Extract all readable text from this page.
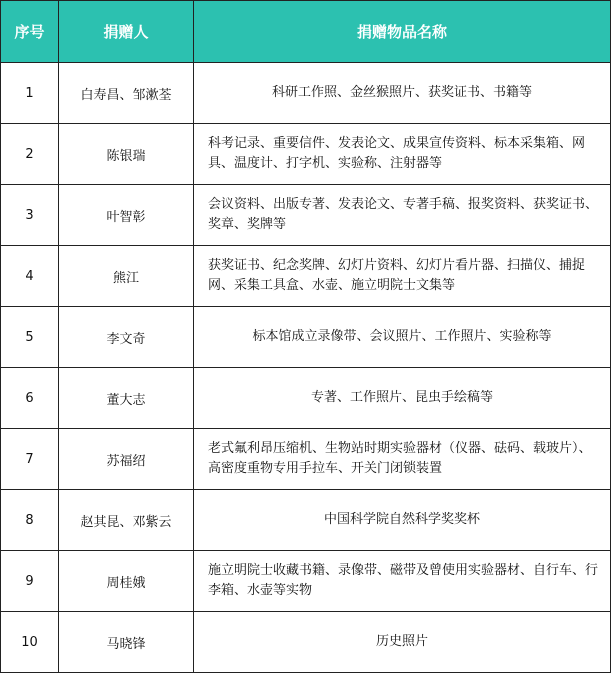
序号	捐赠人	捐赠物品名称
1	白寿昌、邹漱荃	科研工作照、金丝猴照片、获奖证书、书籍等
2	陈银瑞	科考记录、重要信件、发表论文、成果宣传资料、标本采集箱、网具、温度计、打字机、实验称、注射器等
3	叶智彰	会议资料、出版专著、发表论文、专著手稿、报奖资料、获奖证书、奖章、奖牌等
4	熊江	获奖证书、纪念奖牌、幻灯片资料、幻灯片看片器、扫描仪、捕捉网、采集工具盒、水壶、施立明院士文集等
5	李文奇	标本馆成立录像带、会议照片、工作照片、实验称等
6	董大志	专著、工作照片、昆虫手绘稿等
7	苏福绍	老式氟利昂压缩机、生物站时期实验器材（仪器、砝码、载玻片）、高密度重物专用手拉车、开关门闭锁装置
8	赵其昆、邓紫云	中国科学院自然科学奖奖杯
9	周桂娥	施立明院士收藏书籍、录像带、磁带及曾使用实验器材、自行车、行李箱、水壶等实物
10	马晓锋	历史照片
